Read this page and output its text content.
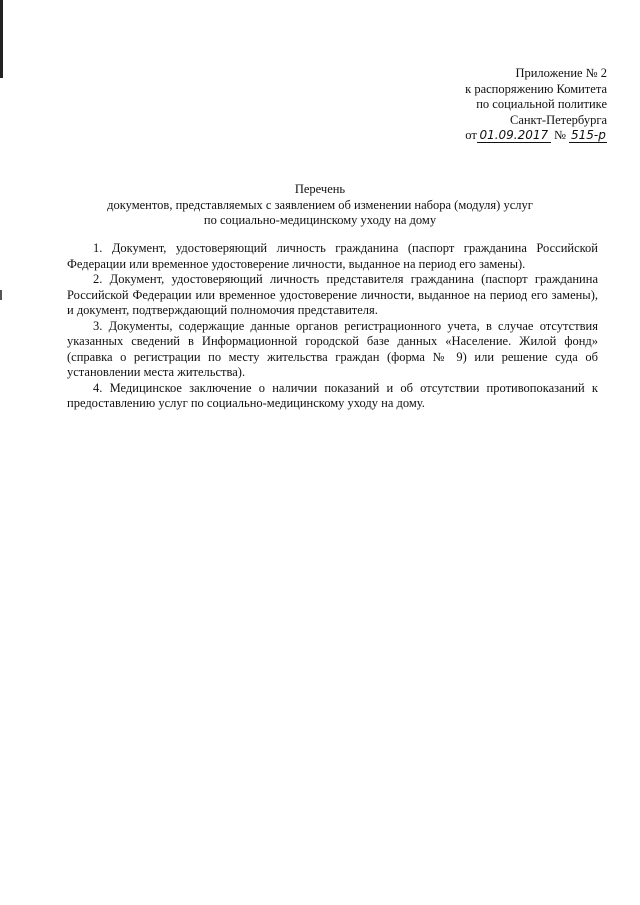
Приложение № 2
к распоряжению Комитета
по социальной политике
Санкт-Петербурга
от 01.09.2017 № 515-р
Перечень
документов, представляемых с заявлением об изменении набора (модуля) услуг
по социально-медицинскому уходу на дому

1. Документ, удостоверяющий личность гражданина (паспорт гражданина Российской Федерации или временное удостоверение личности, выданное на период его замены).

2. Документ, удостоверяющий личность представителя гражданина (паспорт гражданина Российской Федерации или временное удостоверение личности, выданное на период его замены), и документ, подтверждающий полномочия представителя.

3. Документы, содержащие данные органов регистрационного учета, в случае отсутствия указанных сведений в Информационной городской базе данных «Население. Жилой фонд» (справка о регистрации по месту жительства граждан (форма № 9) или решение суда об установлении места жительства).

4. Медицинское заключение о наличии показаний и об отсутствии противопоказаний к предоставлению услуг по социально-медицинскому уходу на дому.
